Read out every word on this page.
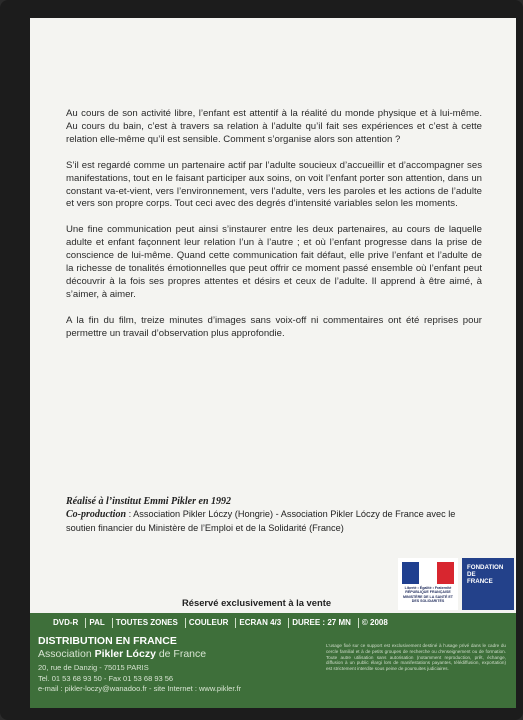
Au cours de son activité libre, l’enfant est attentif à la réalité du monde physique et à lui-même. Au cours du bain, c’est à travers sa relation à l’adulte qu’il fait ses expériences et c’est à cette relation elle-même qu’il est sensible. Comment s’organise alors son attention ?

S’il est regardé comme un partenaire actif par l’adulte soucieux d’accueillir et d’accompagner ses manifestations, tout en le faisant participer aux soins, on voit l’enfant porter son attention, dans un constant va-et-vient, vers l’environnement, vers l’adulte, vers les paroles et les actions de l’adulte et vers son propre corps. Tout ceci avec des degrés d’intensité variables selon les moments.

Une fine communication peut ainsi s’instaurer entre les deux partenaires, au cours de laquelle adulte et enfant façonnent leur relation l’un à l’autre ; et où l’enfant progresse dans la prise de conscience de lui-même. Quand cette communication fait défaut, elle prive l’enfant et l’adulte de la richesse de tonalités émotionnelles que peut offrir ce moment passé ensemble où l’enfant peut découvrir à la fois ses propres attentes et désirs et ceux de l’adulte. Il apprend à être aimé, à s’aimer, à aimer.

A la fin du film, treize minutes d’images sans voix-off ni commentaires ont été reprises pour permettre un travail d’observation plus approfondie.

Réalisé à l’institut Emmi Pikler en 1992
Co-production : Association Pikler Lóczy (Hongrie) - Association Pikler Lóczy de France avec le soutien financier du Ministère de l’Emploi et de la Solidarité (France)
Liberté • Égalité • Fraternité RÉPUBLIQUE FRANÇAISE MINISTÈRE DE LA SANTÉ ET DES SOLIDARITÉS
FONDATION
DE
FRANCE
Réservé exclusivement à la vente
DVD-R	PAL	TOUTES ZONES	COULEUR	ECRAN 4/3	DUREE : 27 MN	© 2008
DISTRIBUTION EN FRANCE
Association Pikler Lóczy de France
20, rue de Danzig - 75015 PARIS
Tel. 01 53 68 93 50 - Fax 01 53 68 93 56
e-mail : pikler-loczy@wanadoo.fr - site Internet : www.pikler.fr
L'usage fixé sur ce support est exclusivement destiné à l'usage privé dans le cadre du cercle familial et à de petits groupes de recherche ou d'enseignement ou de formation. Toute autre utilisation sans autorisation (notamment reproduction, prêt, échange, diffusion à un public élargi lors de manifestations payantes, télédiffusion, exportation) est strictement interdite sous peine de poursuites judiciaires.
